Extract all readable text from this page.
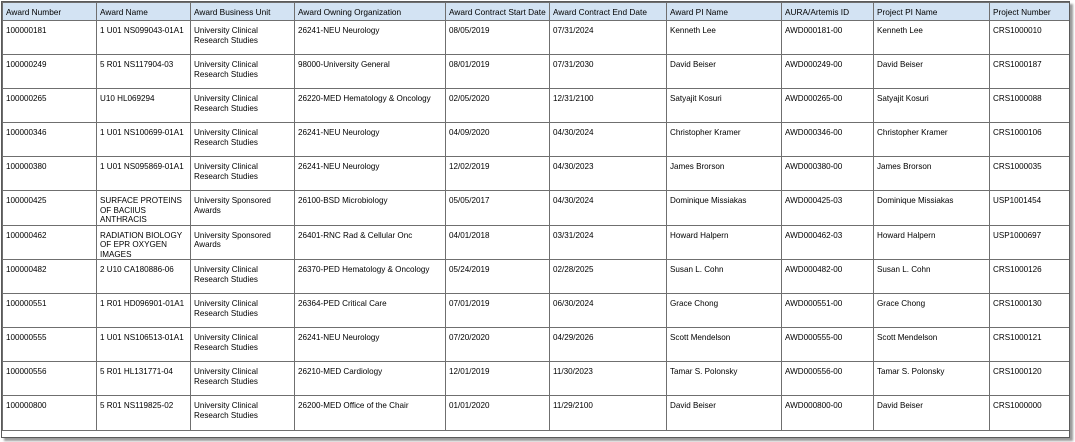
Award Number	Award Name	Award Business Unit	Award Owning Organization	Award Contract Start Date	Award Contract End Date	Award PI Name	AURA/Artemis ID	Project PI Name	Project Number
100000181	1 U01 NS099043-01A1	University Clinical Research Studies	26241-NEU Neurology	08/05/2019	07/31/2024	Kenneth Lee	AWD000181-00	Kenneth Lee	CRS1000010
100000249	5 R01 NS117904-03	University Clinical Research Studies	98000-University General	08/01/2019	07/31/2030	David Beiser	AWD000249-00	David Beiser	CRS1000187
100000265	U10 HL069294	University Clinical Research Studies	26220-MED Hematology & Oncology	02/05/2020	12/31/2100	Satyajit Kosuri	AWD000265-00	Satyajit Kosuri	CRS1000088
100000346	1 U01 NS100699-01A1	University Clinical Research Studies	26241-NEU Neurology	04/09/2020	04/30/2024	Christopher Kramer	AWD000346-00	Christopher Kramer	CRS1000106
100000380	1 U01 NS095869-01A1	University Clinical Research Studies	26241-NEU Neurology	12/02/2019	04/30/2023	James Brorson	AWD000380-00	James Brorson	CRS1000035
100000425	SURFACE PROTEINS OF BACIIUS ANTHRACIS	University Sponsored Awards	26100-BSD Microbiology	05/05/2017	04/30/2024	Dominique Missiakas	AWD000425-03	Dominique Missiakas	USP1001454
100000462	RADIATION BIOLOGY OF EPR OXYGEN IMAGES	University Sponsored Awards	26401-RNC Rad & Cellular Onc	04/01/2018	03/31/2024	Howard Halpern	AWD000462-03	Howard Halpern	USP1000697
100000482	2 U10 CA180886-06	University Clinical Research Studies	26370-PED Hematology & Oncology	05/24/2019	02/28/2025	Susan L. Cohn	AWD000482-00	Susan L. Cohn	CRS1000126
100000551	1 R01 HD096901-01A1	University Clinical Research Studies	26364-PED Critical Care	07/01/2019	06/30/2024	Grace Chong	AWD000551-00	Grace Chong	CRS1000130
100000555	1 U01 NS106513-01A1	University Clinical Research Studies	26241-NEU Neurology	07/20/2020	04/29/2026	Scott Mendelson	AWD000555-00	Scott Mendelson	CRS1000121
100000556	5 R01 HL131771-04	University Clinical Research Studies	26210-MED Cardiology	12/01/2019	11/30/2023	Tamar S. Polonsky	AWD000556-00	Tamar S. Polonsky	CRS1000120
100000800	5 R01 NS119825-02	University Clinical Research Studies	26200-MED Office of the Chair	01/01/2020	11/29/2100	David Beiser	AWD000800-00	David Beiser	CRS1000000
